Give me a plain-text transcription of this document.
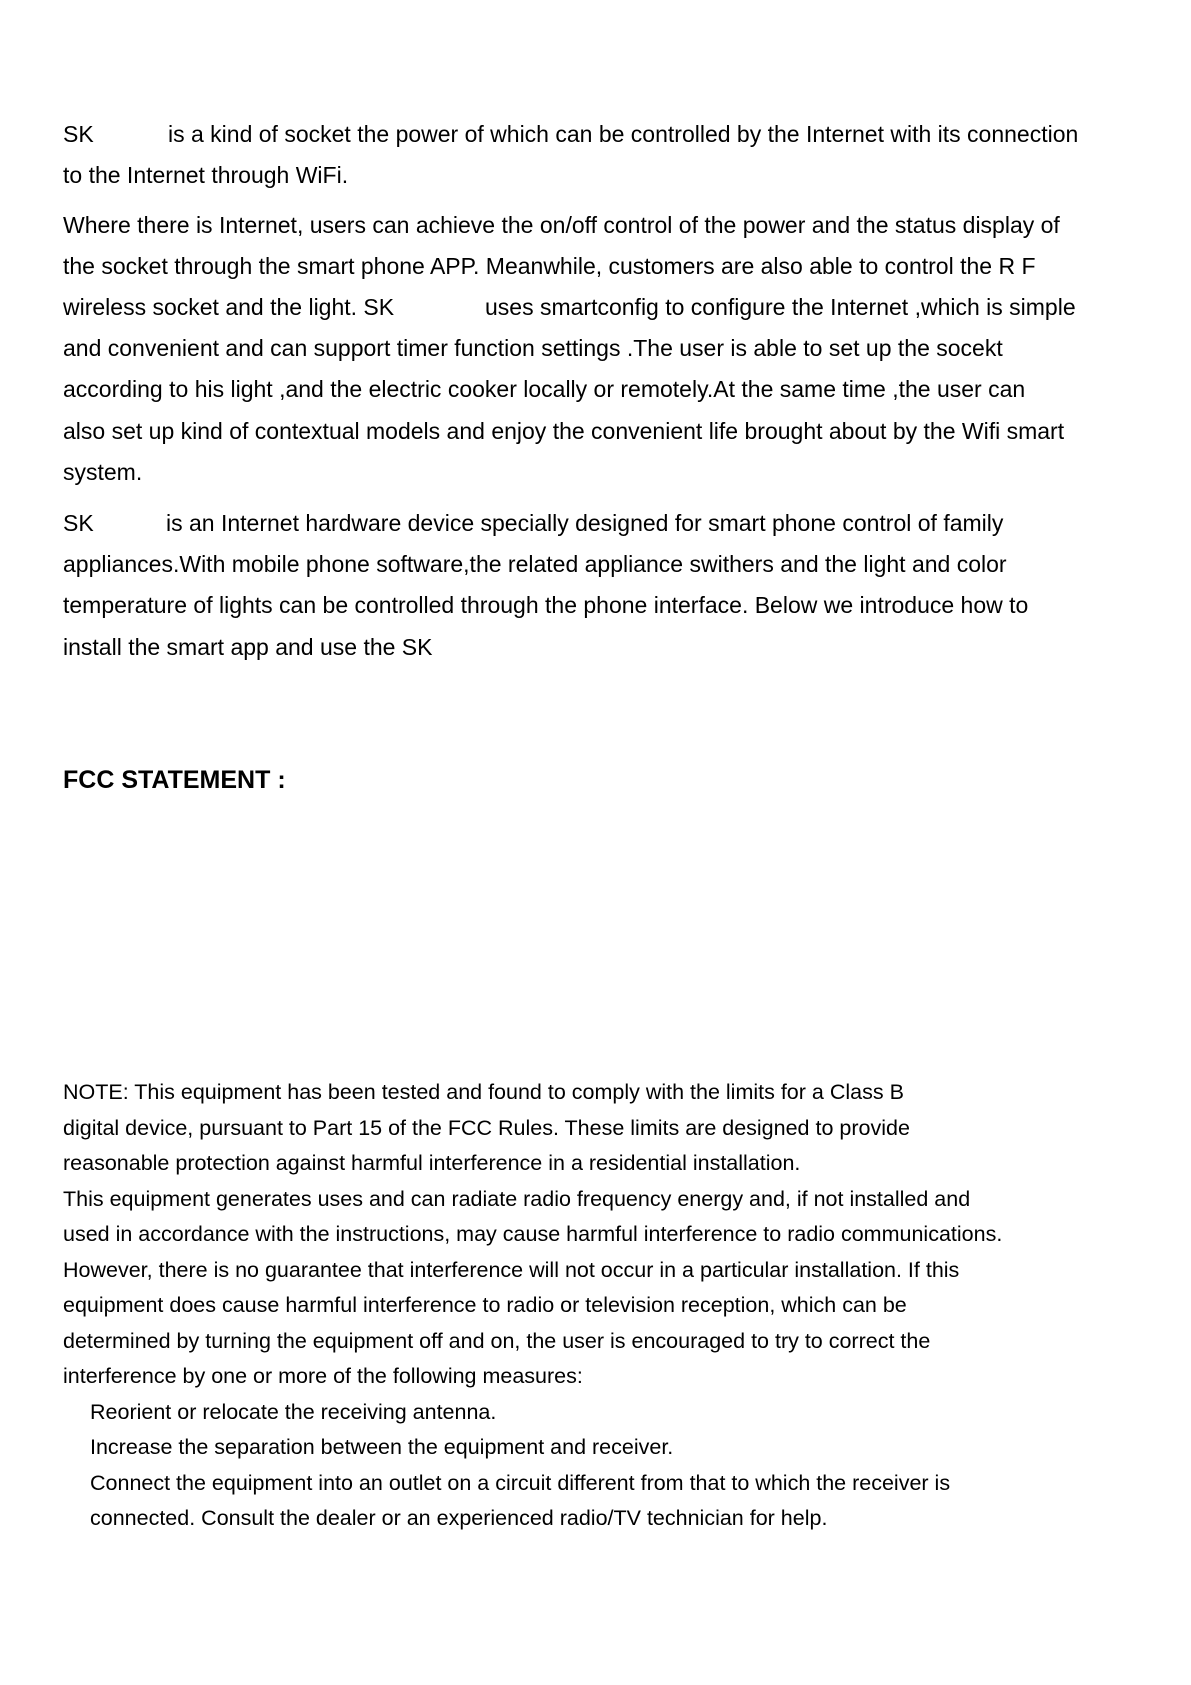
SK	is a kind of socket the power of which can be controlled by the Internet with its connection
to the Internet through WiFi.
Where there is Internet, users can achieve the on/off control of the power and the status display of
the socket through the smart phone APP. Meanwhile, customers are also able to control the R F
wireless socket and the light. SK	uses smartconfig to configure the Internet ,which is simple
and convenient and can support timer function settings .The user is able to set up the socekt
according to his light ,and the electric cooker locally or remotely.At the same time ,the user can
also set up kind of contextual models and enjoy the convenient life brought about by the Wifi smart
system.
SK	is an Internet hardware device specially designed for smart phone control of family
appliances.With mobile phone software,the related appliance swithers and the light and color
temperature of lights can be controlled through the phone interface. Below we introduce how to
install the smart app and use the SK
FCC STATEMENT :
NOTE: This equipment has been tested and found to comply with the limits for a Class B
digital device, pursuant to Part 15 of the FCC Rules. These limits are designed to provide
reasonable protection against harmful interference in a residential installation.
This equipment generates uses and can radiate radio frequency energy and, if not installed and
used in accordance with the instructions, may cause harmful interference to radio communications.
However, there is no guarantee that interference will not occur in a particular installation. If this
equipment does cause harmful interference to radio or television reception, which can be
determined by turning the equipment off and on, the user is encouraged to try to correct the
interference by one or more of the following measures:
Reorient or relocate the receiving antenna.
Increase the separation between the equipment and receiver.
Connect the equipment into an outlet on a circuit different from that to which the receiver is
connected. Consult the dealer or an experienced radio/TV technician for help.
